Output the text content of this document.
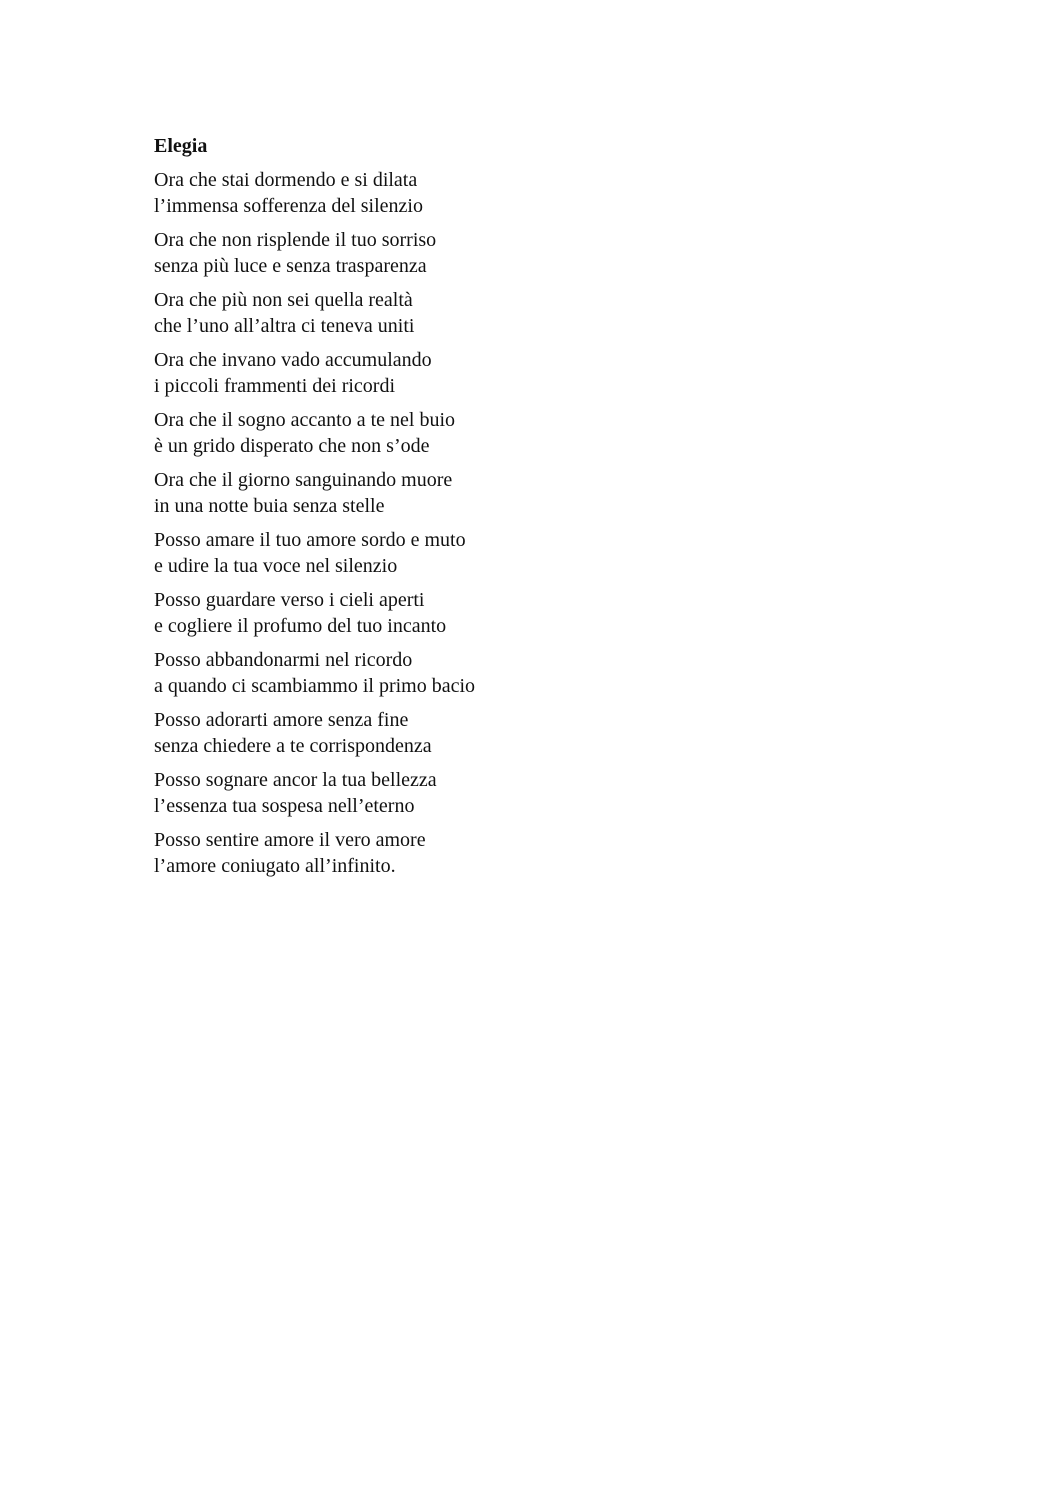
Elegia
Ora che stai dormendo e si dilata
l’immensa sofferenza del silenzio
Ora che non risplende il tuo sorriso
senza più luce e senza trasparenza
Ora che più non sei quella realtà
che l’uno all’altra ci teneva uniti
Ora che invano vado accumulando
i piccoli frammenti dei ricordi
Ora che il sogno accanto a te nel buio
è un grido disperato che non s’ode
Ora che il giorno sanguinando muore
in una notte buia senza stelle
Posso amare il tuo amore sordo e muto
e udire la tua voce nel silenzio
Posso guardare verso i cieli aperti
e cogliere il profumo del tuo incanto
Posso abbandonarmi nel ricordo
a quando ci scambiammo il primo bacio
Posso adorarti amore senza fine
senza chiedere a te corrispondenza
Posso sognare ancor la tua bellezza
l’essenza tua sospesa nell’eterno
Posso sentire amore il vero amore
l’amore coniugato all’infinito.
